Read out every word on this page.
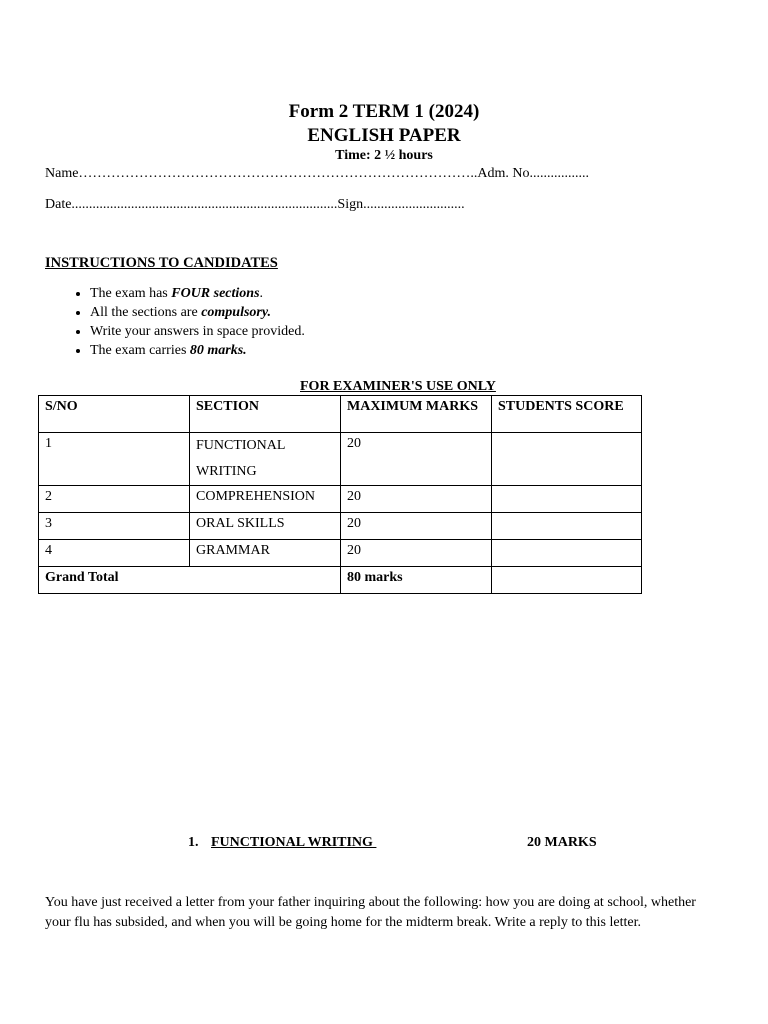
Form 2 TERM 1 (2024)
ENGLISH PAPER
Time: 2 ½ hours
Name…………………………………………………………………………..Adm. No.................
Date............................................................................Sign.............................
INSTRUCTIONS TO CANDIDATES
• The exam has FOUR sections.
• All the sections are compulsory.
• Write your answers in space provided.
• The exam carries 80 marks.
FOR EXAMINER'S USE ONLY
S/NO	SECTION	MAXIMUM MARKS	STUDENTS SCORE
1	FUNCTIONAL WRITING	20	
2	COMPREHENSION	20	
3	ORAL SKILLS	20	
4	GRAMMAR	20	
Grand Total		80 marks	
1. FUNCTIONAL WRITING	20 MARKS
You have just received a letter from your father inquiring about the following: how you are doing at school, whether your flu has subsided, and when you will be going home for the midterm break. Write a reply to this letter.
